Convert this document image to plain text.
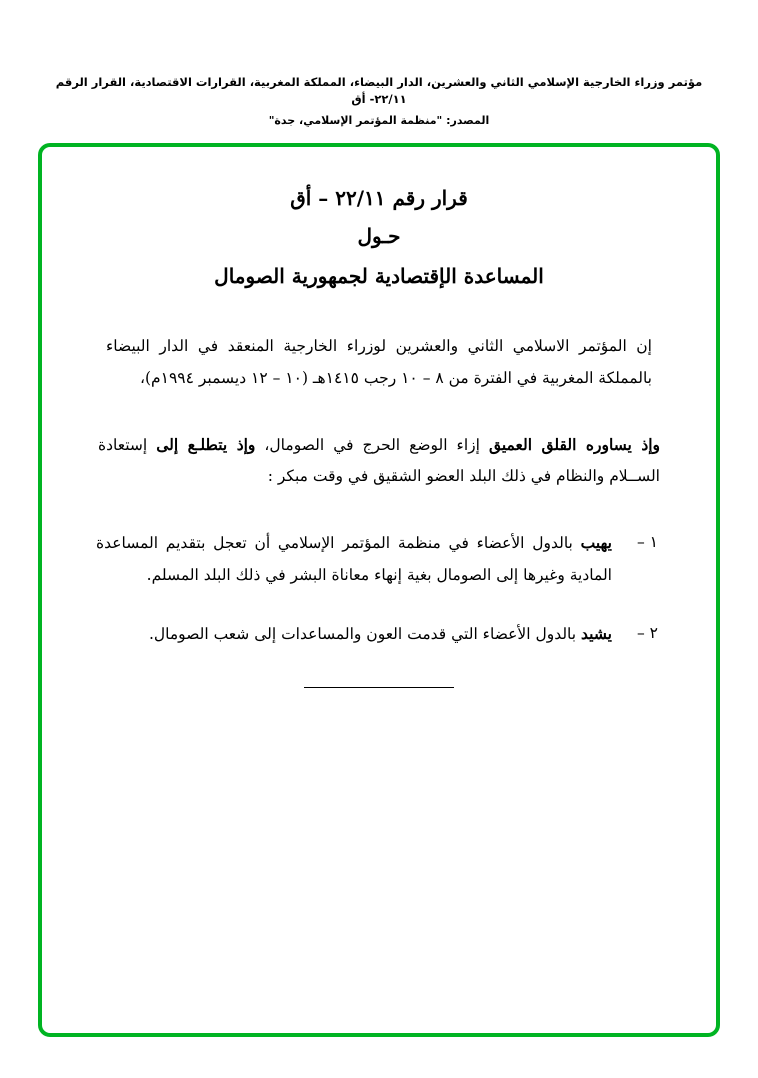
مؤتمر وزراء الخارجية الإسلامي الثاني والعشرين، الدار البيضاء، المملكة المغربية، القرارات الاقتصادية، القرار الرقم ٢٢/١١- أق
المصدر: "منظمة المؤتمر الإسلامي، جدة"
قرار رقم ٢٢/١١ – أق
حـول
المساعدة الإقتصادية لجمهورية الصومال

إن المؤتمر الاسلامي الثاني والعشرين لوزراء الخارجية المنعقد في الدار البيضاء بالمملكة المغربية في الفترة من ٨ – ١٠ رجب ١٤١٥هـ (١٠ – ١٢ ديسمبر ١٩٩٤م)،

وإذ يساوره القلق العميق إزاء الوضع الحرج في الصومال، وإذ يتطلـع إلى إستعادة الســلام والنظام في ذلك البلد العضو الشقيق في وقت مبكر :

١ –
يهيب بالدول الأعضاء في منظمة المؤتمر الإسلامي أن تعجل بتقديم المساعدة المادية وغيرها إلى الصومال بغية إنهاء معاناة البشر في ذلك البلد المسلم.
٢ –
يشيد بالدول الأعضاء التي قدمت العون والمساعدات إلى شعب الصومال.
